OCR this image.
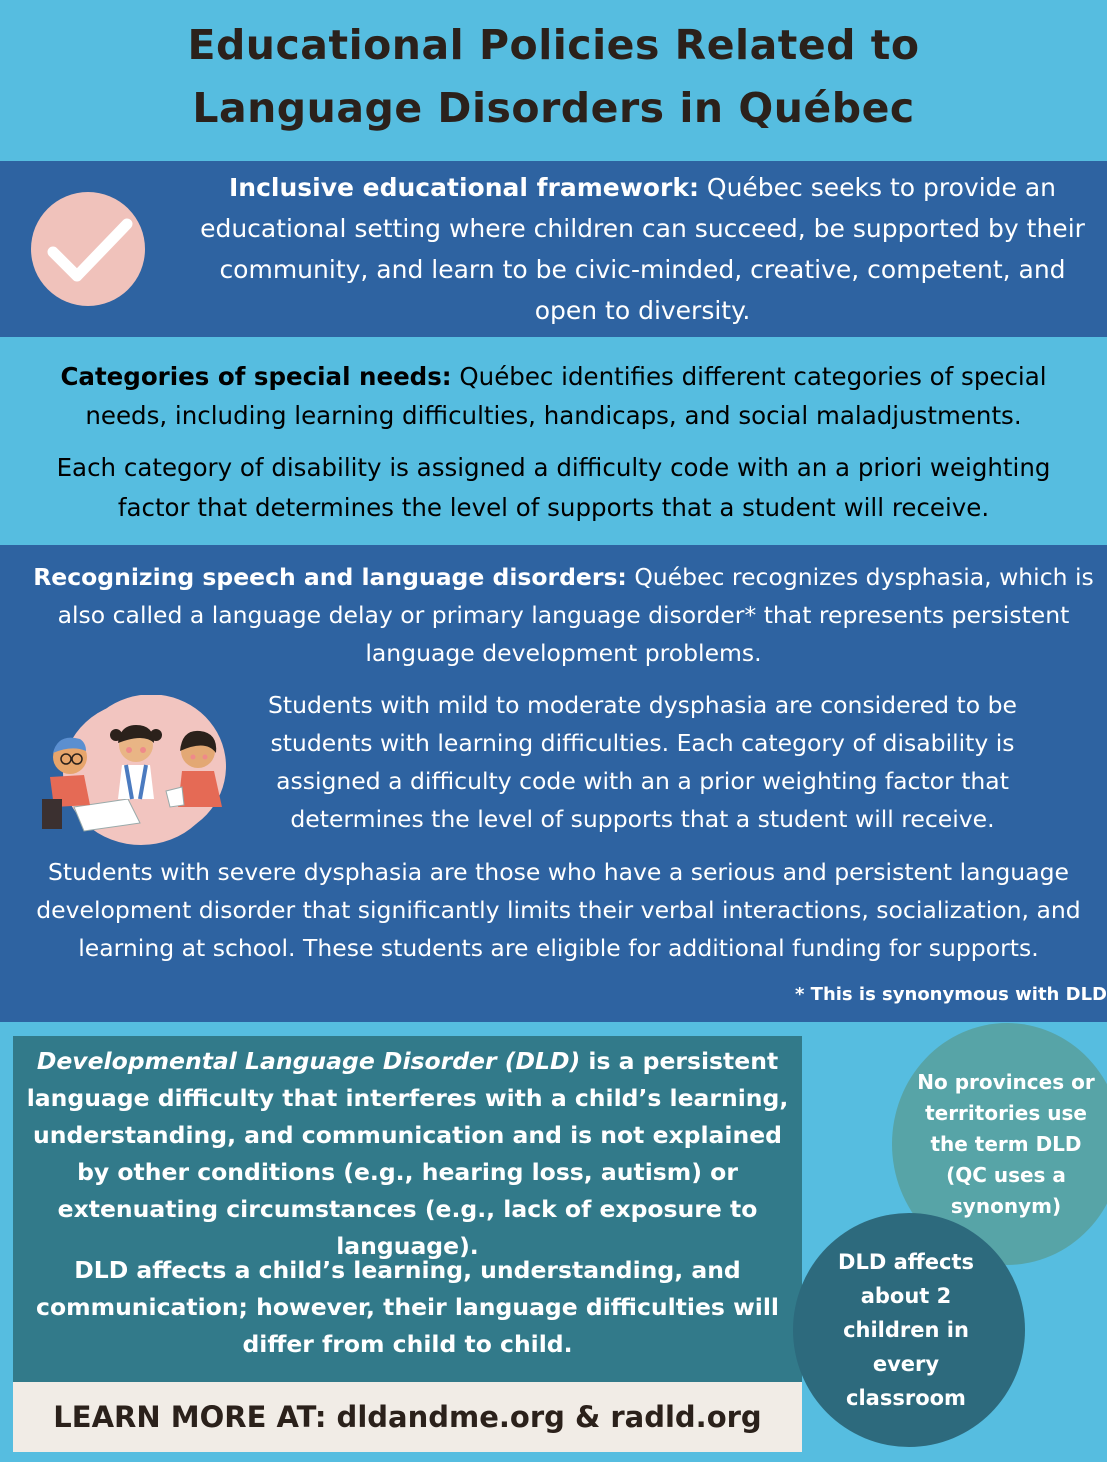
Educational Policies Related to
Language Disorders in Québec

Inclusive educational framework: Québec seeks to provide an educational setting where children can succeed, be supported by their community, and learn to be civic-minded, creative, competent, and open to diversity.

Categories of special needs: Québec identifies different categories of special needs, including learning difficulties, handicaps, and social maladjustments.

Each category of disability is assigned a difficulty code with an a priori weighting factor that determines the level of supports that a student will receive.

Recognizing speech and language disorders: Québec recognizes dysphasia, which is also called a language delay or primary language disorder* that represents persistent language development problems.

Students with mild to moderate dysphasia are considered to be students with learning difficulties. Each category of disability is assigned a difficulty code with an a prior weighting factor that determines the level of supports that a student will receive.

Students with severe dysphasia are those who have a serious and persistent language development disorder that significantly limits their verbal interactions, socialization, and learning at school. These students are eligible for additional funding for supports.

* This is synonymous with DLD

Developmental Language Disorder (DLD) is a persistent language difficulty that interferes with a child’s learning, understanding, and communication and is not explained by other conditions (e.g., hearing loss, autism) or extenuating circumstances (e.g., lack of exposure to language).

DLD affects a child’s learning, understanding, and communication; however, their language difficulties will differ from child to child.

LEARN MORE AT: dldandme.org & radld.org
No provinces or territories use the term DLD (QC uses a synonym)
DLD affects about 2 children in every classroom
